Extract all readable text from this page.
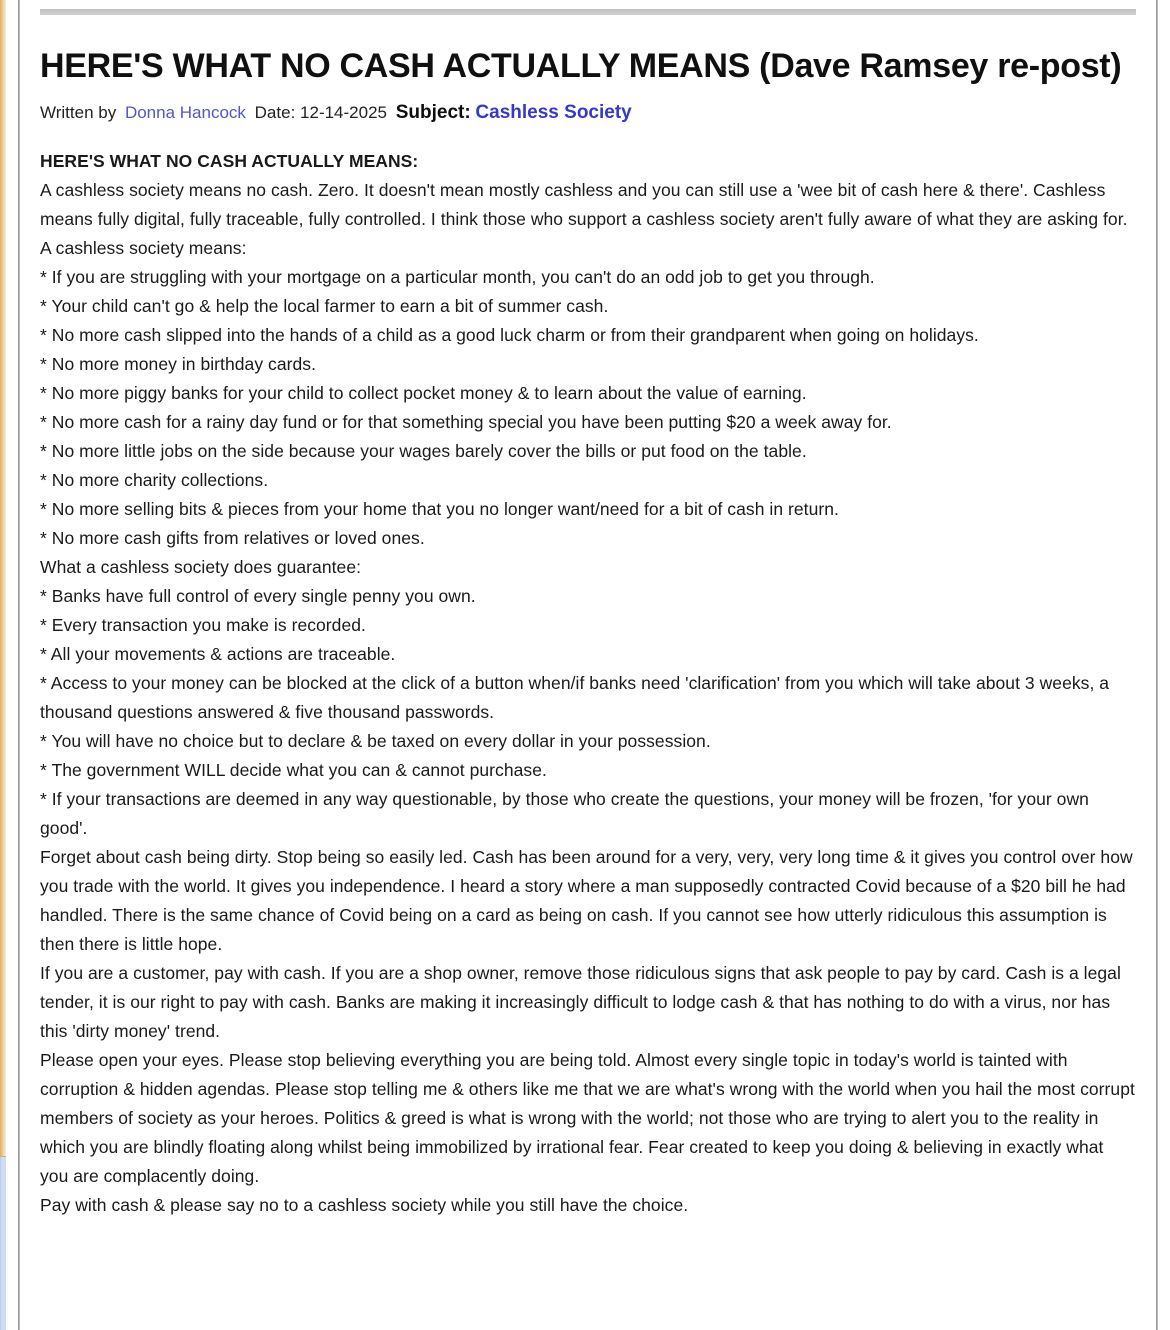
HERE'S WHAT NO CASH ACTUALLY MEANS (Dave Ramsey re-post)
Written by Donna Hancock Date: 12-14-2025 Subject: Cashless Society
HERE'S WHAT NO CASH ACTUALLY MEANS:
A cashless society means no cash. Zero. It doesn't mean mostly cashless and you can still use a 'wee bit of cash here & there'. Cashless means fully digital, fully traceable, fully controlled. I think those who support a cashless society aren't fully aware of what they are asking for. A cashless society means:
* If you are struggling with your mortgage on a particular month, you can't do an odd job to get you through.
* Your child can't go & help the local farmer to earn a bit of summer cash.
* No more cash slipped into the hands of a child as a good luck charm or from their grandparent when going on holidays.
* No more money in birthday cards.
* No more piggy banks for your child to collect pocket money & to learn about the value of earning.
* No more cash for a rainy day fund or for that something special you have been putting $20 a week away for.
* No more little jobs on the side because your wages barely cover the bills or put food on the table.
* No more charity collections.
* No more selling bits & pieces from your home that you no longer want/need for a bit of cash in return.
* No more cash gifts from relatives or loved ones.
What a cashless society does guarantee:
* Banks have full control of every single penny you own.
* Every transaction you make is recorded.
* All your movements & actions are traceable.
* Access to your money can be blocked at the click of a button when/if banks need 'clarification' from you which will take about 3 weeks, a thousand questions answered & five thousand passwords.
* You will have no choice but to declare & be taxed on every dollar in your possession.
* The government WILL decide what you can & cannot purchase.
* If your transactions are deemed in any way questionable, by those who create the questions, your money will be frozen, 'for your own good'.
Forget about cash being dirty. Stop being so easily led. Cash has been around for a very, very, very long time & it gives you control over how you trade with the world. It gives you independence. I heard a story where a man supposedly contracted Covid because of a $20 bill he had handled. There is the same chance of Covid being on a card as being on cash. If you cannot see how utterly ridiculous this assumption is then there is little hope.
If you are a customer, pay with cash. If you are a shop owner, remove those ridiculous signs that ask people to pay by card. Cash is a legal tender, it is our right to pay with cash. Banks are making it increasingly difficult to lodge cash & that has nothing to do with a virus, nor has this 'dirty money' trend.
Please open your eyes. Please stop believing everything you are being told. Almost every single topic in today's world is tainted with corruption & hidden agendas. Please stop telling me & others like me that we are what's wrong with the world when you hail the most corrupt members of society as your heroes. Politics & greed is what is wrong with the world; not those who are trying to alert you to the reality in which you are blindly floating along whilst being immobilized by irrational fear. Fear created to keep you doing & believing in exactly what you are complacently doing.
Pay with cash & please say no to a cashless society while you still have the choice.
